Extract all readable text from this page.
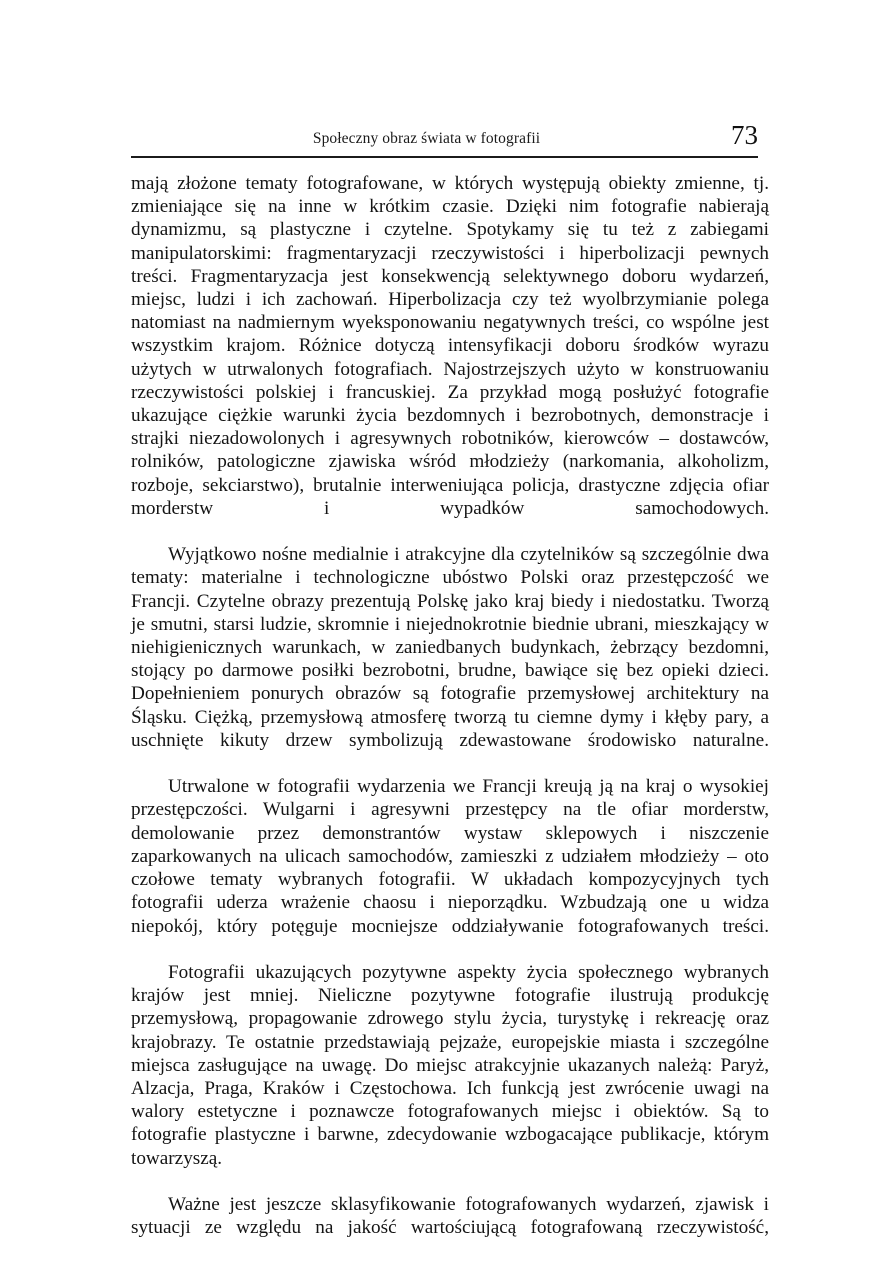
Społeczny obraz świata w fotografii	73

mają złożone tematy fotografowane, w których występują obiekty zmienne, tj. zmieniające się na inne w krótkim czasie. Dzięki nim fotografie nabierają dynamizmu, są plastyczne i czytelne. Spotykamy się tu też z zabiegami manipulatorskimi: fragmentaryzacji rzeczywistości i hiperbolizacji pewnych treści. Fragmentaryzacja jest konsekwencją selektywnego doboru wydarzeń, miejsc, ludzi i ich zachowań. Hiperbolizacja czy też wyolbrzymianie polega natomiast na nadmiernym wyeksponowaniu negatywnych treści, co wspólne jest wszystkim krajom. Różnice dotyczą intensyfikacji doboru środków wyrazu użytych w utrwalonych fotografiach. Najostrzejszych użyto w konstruowaniu rzeczywistości polskiej i francuskiej. Za przykład mogą posłużyć fotografie ukazujące ciężkie warunki życia bezdomnych i bezrobotnych, demonstracje i strajki niezadowolonych i agresywnych robotników, kierowców – dostawców, rolników, patologiczne zjawiska wśród młodzieży (narkomania, alkoholizm, rozboje, sekciarstwo), brutalnie interweniująca policja, drastyczne zdjęcia ofiar morderstw i wypadków samochodowych.

Wyjątkowo nośne medialnie i atrakcyjne dla czytelników są szczególnie dwa tematy: materialne i technologiczne ubóstwo Polski oraz przestępczość we Francji. Czytelne obrazy prezentują Polskę jako kraj biedy i niedostatku. Tworzą je smutni, starsi ludzie, skromnie i niejednokrotnie biednie ubrani, mieszkający w niehigienicznych warunkach, w zaniedbanych budynkach, żebrzący bezdomni, stojący po darmowe posiłki bezrobotni, brudne, bawiące się bez opieki dzieci. Dopełnieniem ponurych obrazów są fotografie przemysłowej architektury na Śląsku. Ciężką, przemysłową atmosferę tworzą tu ciemne dymy i kłęby pary, a uschnięte kikuty drzew symbolizują zdewastowane środowisko naturalne.

Utrwalone w fotografii wydarzenia we Francji kreują ją na kraj o wysokiej przestępczości. Wulgarni i agresywni przestępcy na tle ofiar morderstw, demolowanie przez demonstrantów wystaw sklepowych i niszczenie zaparkowanych na ulicach samochodów, zamieszki z udziałem młodzieży – oto czołowe tematy wybranych fotografii. W układach kompozycyjnych tych fotografii uderza wrażenie chaosu i nieporządku. Wzbudzają one u widza niepokój, który potęguje mocniejsze oddziaływanie fotografowanych treści.

Fotografii ukazujących pozytywne aspekty życia społecznego wybranych krajów jest mniej. Nieliczne pozytywne fotografie ilustrują produkcję przemysłową, propagowanie zdrowego stylu życia, turystykę i rekreację oraz krajobrazy. Te ostatnie przedstawiają pejzaże, europejskie miasta i szczególne miejsca zasługujące na uwagę. Do miejsc atrakcyjnie ukazanych należą: Paryż, Alzacja, Praga, Kraków i Częstochowa. Ich funkcją jest zwrócenie uwagi na walory estetyczne i poznawcze fotografowanych miejsc i obiektów. Są to fotografie plastyczne i barwne, zdecydowanie wzbogacające publikacje, którym towarzyszą.

Ważne jest jeszcze sklasyfikowanie fotografowanych wydarzeń, zjawisk i sytuacji ze względu na jakość wartościującą fotografowaną rzeczywistość,
